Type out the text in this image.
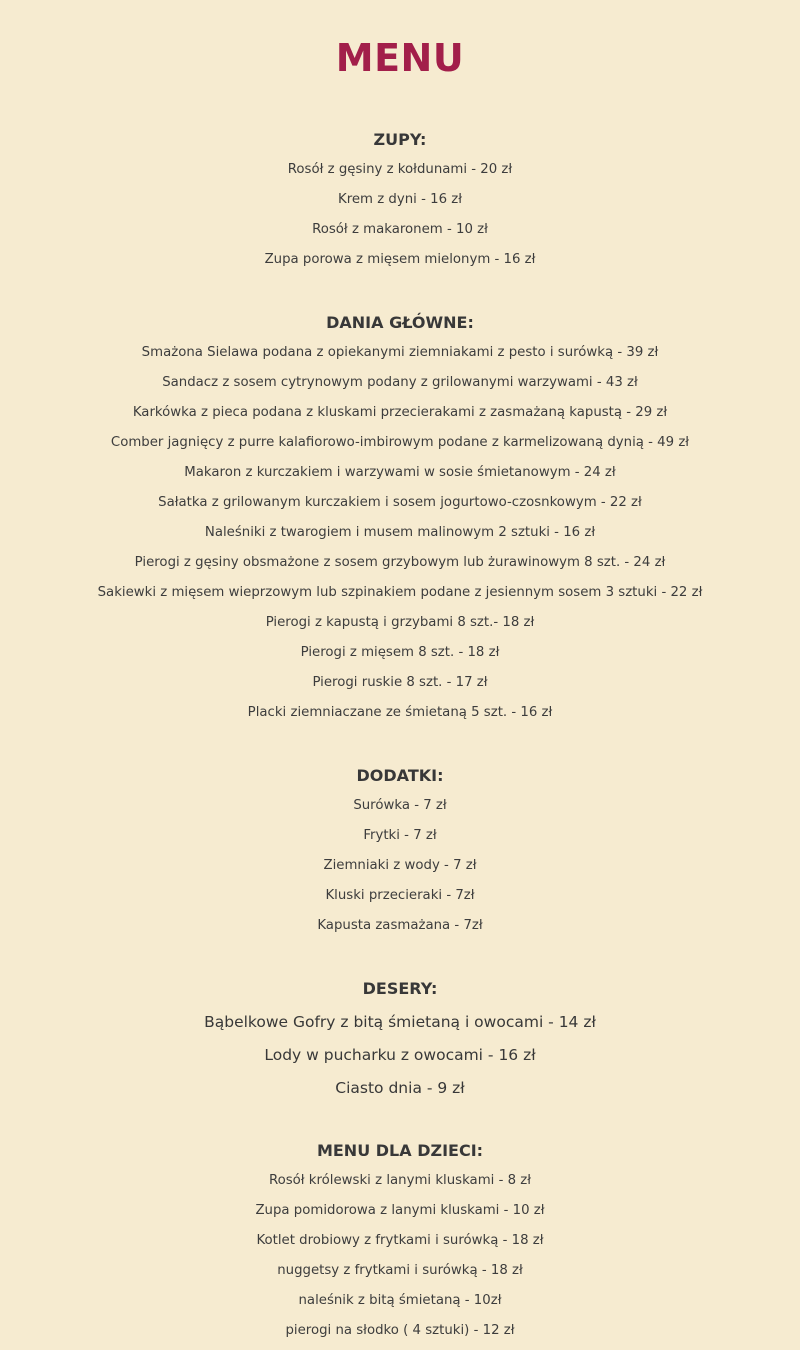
MENU
ZUPY:
Rosół z gęsiny z kołdunami - 20 zł
Krem z dyni - 16 zł
Rosół z makaronem - 10 zł
Zupa porowa z mięsem mielonym - 16 zł
DANIA GŁÓWNE:
Smażona Sielawa podana z opiekanymi ziemniakami z pesto i surówką - 39 zł
Sandacz z sosem cytrynowym podany z grilowanymi warzywami - 43 zł
Karkówka z pieca podana z kluskami przecierakami z zasmażaną kapustą - 29 zł
Comber jagnięcy z purre kalafiorowo-imbirowym podane z karmelizowaną dynią - 49 zł
Makaron z kurczakiem i warzywami w sosie śmietanowym - 24 zł
Sałatka z grilowanym kurczakiem i sosem jogurtowo-czosnkowym - 22 zł
Naleśniki z twarogiem i musem malinowym 2 sztuki - 16 zł
Pierogi z gęsiny obsmażone z sosem grzybowym lub żurawinowym 8 szt. - 24 zł
Sakiewki z mięsem wieprzowym lub szpinakiem podane z jesiennym sosem 3 sztuki - 22 zł
Pierogi z kapustą i grzybami 8 szt.- 18 zł
Pierogi z mięsem 8 szt. - 18 zł
Pierogi ruskie 8 szt. - 17 zł
Placki ziemniaczane ze śmietaną 5 szt. - 16 zł
DODATKI:
Surówka - 7 zł
Frytki - 7 zł
Ziemniaki z wody - 7 zł
Kluski przecieraki - 7zł
Kapusta zasmażana - 7zł
DESERY:
Bąbelkowe Gofry z bitą śmietaną i owocami - 14 zł
Lody w pucharku z owocami - 16 zł
Ciasto dnia - 9 zł
MENU DLA DZIECI:
Rosół królewski z lanymi kluskami - 8 zł
Zupa pomidorowa z lanymi kluskami - 10 zł
Kotlet drobiowy z frytkami i surówką - 18 zł
nuggetsy z frytkami i surówką - 18 zł
naleśnik z bitą śmietaną - 10zł
pierogi na słodko ( 4 sztuki) - 12 zł
